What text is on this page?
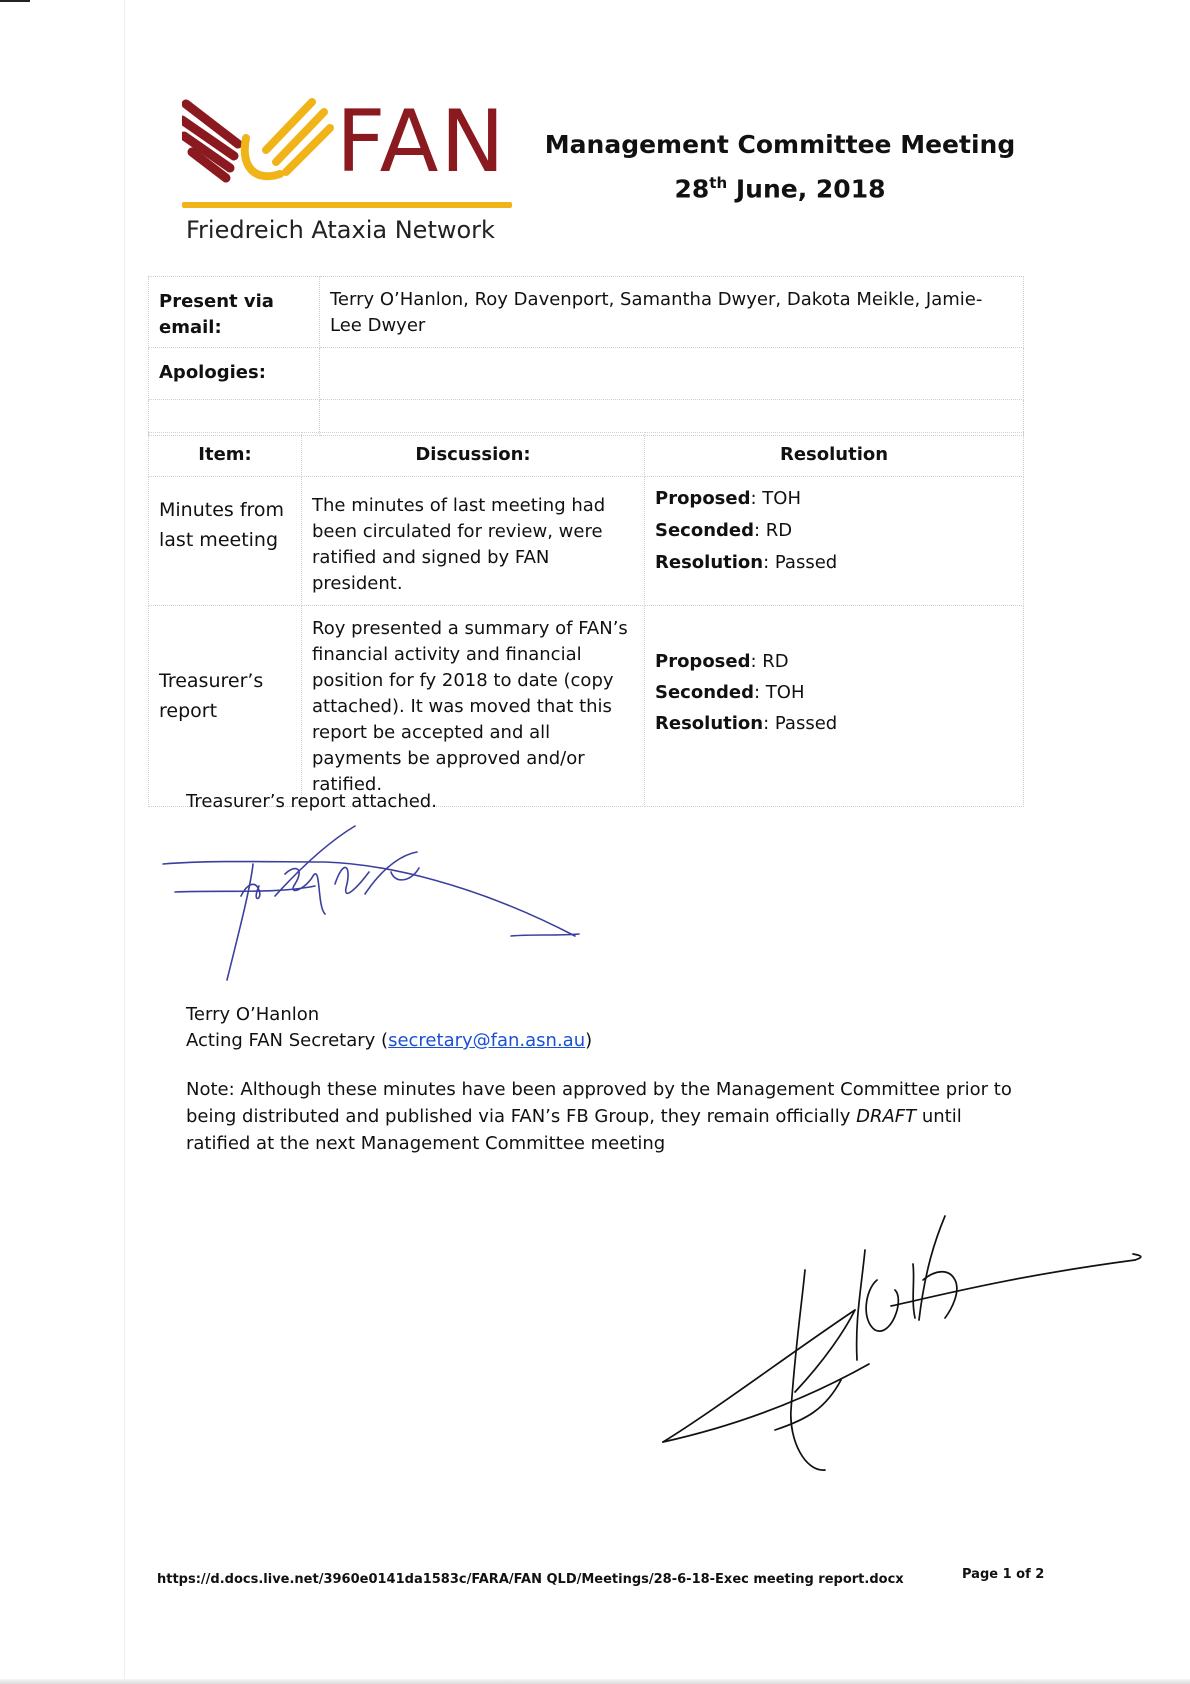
FAN
Friedreich Ataxia Network
Management Committee Meeting
28th June, 2018
Present via email:	Terry O’Hanlon, Roy Davenport, Samantha Dwyer, Dakota Meikle, Jamie-Lee Dwyer
Apologies:	

Item:	Discussion:	Resolution
Minutes from last meeting	The minutes of last meeting had been circulated for review, were ratified and signed by FAN president.	Proposed: TOH
Seconded: RD
Resolution: Passed

Treasurer’s report	Roy presented a summary of FAN’s financial activity and financial position for fy 2018 to date (copy attached). It was moved that this report be accepted and all payments be approved and/or ratified.	Proposed: RD
Seconded: TOH
Resolution: Passed
Treasurer’s report attached.
Terry O’Hanlon
Acting FAN Secretary (secretary@fan.asn.au)
Note: Although these minutes have been approved by the Management Committee prior to being distributed and published via FAN’s FB Group, they remain officially DRAFT until ratified at the next Management Committee meeting
https://d.docs.live.net/3960e0141da1583c/FARA/FAN QLD/Meetings/28-6-18-Exec meeting report.docx	Page 1 of 2
